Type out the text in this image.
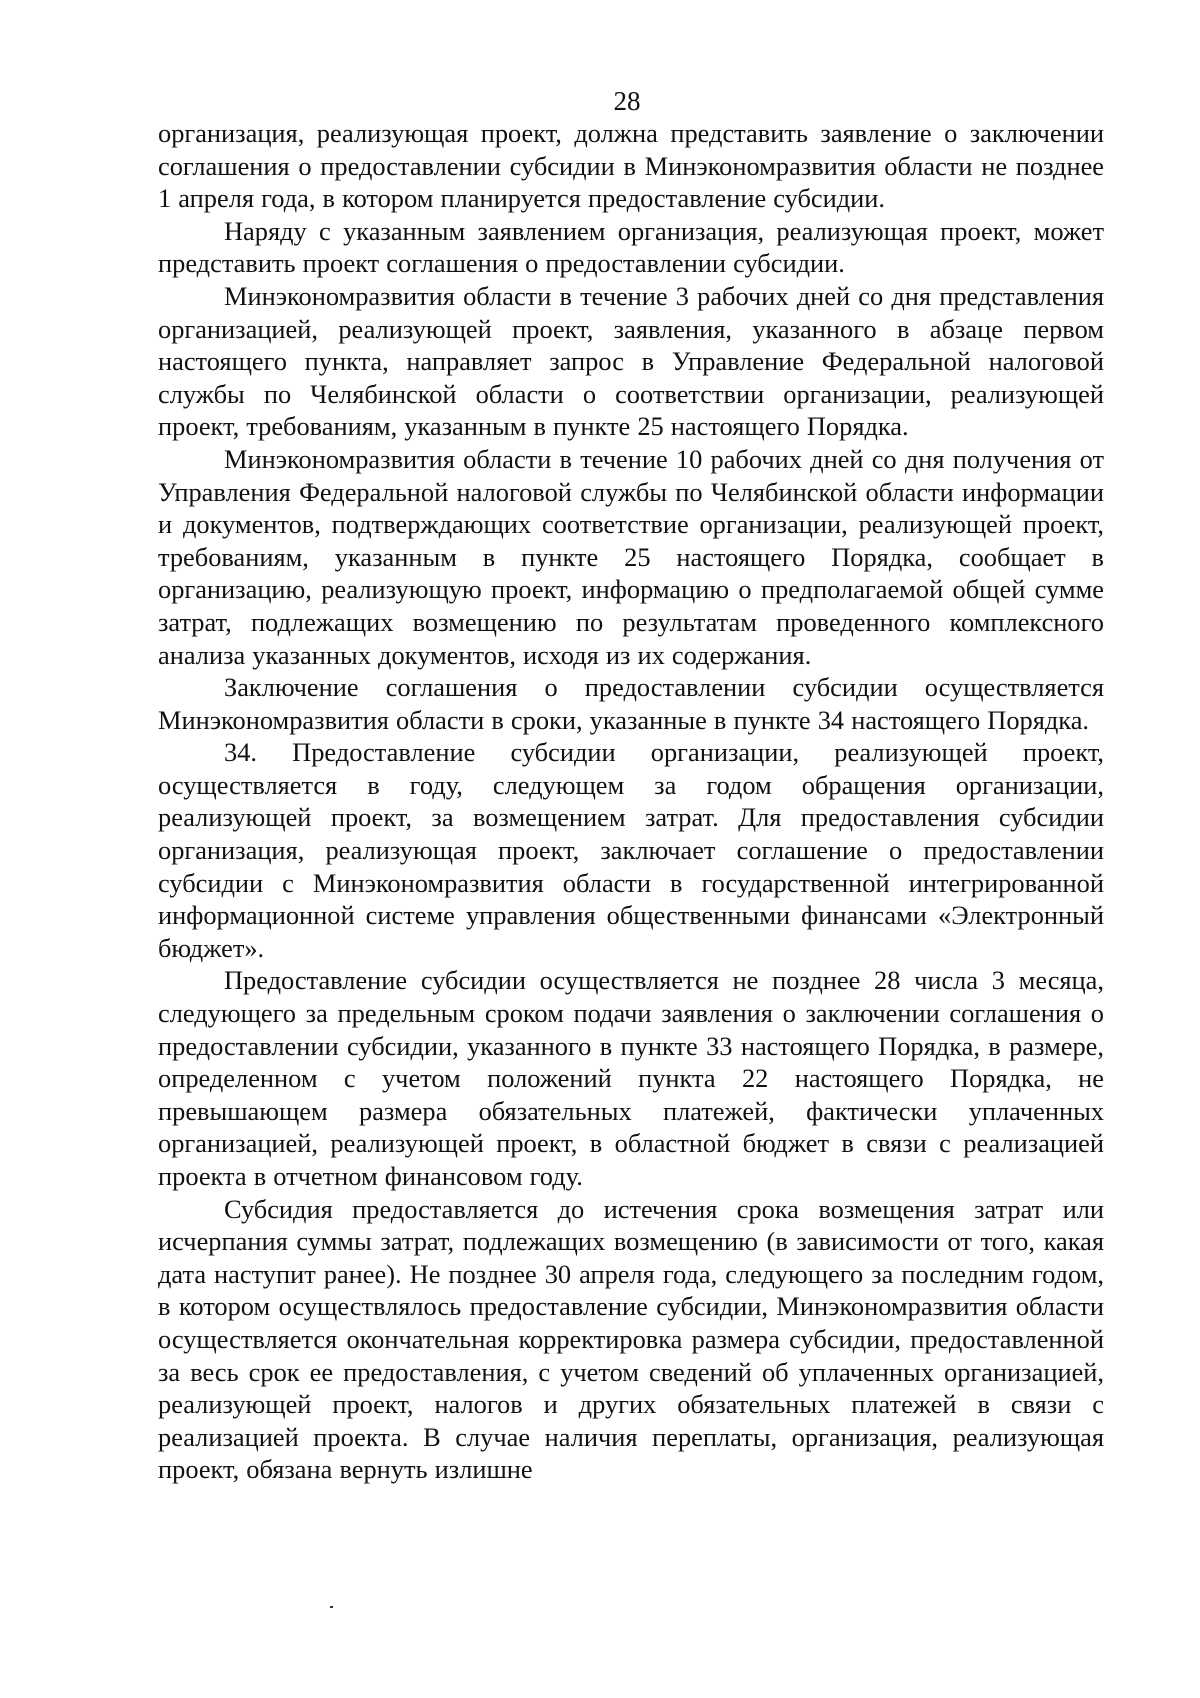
28

организация, реализующая проект, должна представить заявление о заключении соглашения о предоставлении субсидии в Минэкономразвития области не позднее 1 апреля года, в котором планируется предоставление субсидии.

Наряду с указанным заявлением организация, реализующая проект, может представить проект соглашения о предоставлении субсидии.

Минэкономразвития области в течение 3 рабочих дней со дня представления организацией, реализующей проект, заявления, указанного в абзаце первом настоящего пункта, направляет запрос в Управление Федеральной налоговой службы по Челябинской области о соответствии организации, реализующей проект, требованиям, указанным в пункте 25 настоящего Порядка.

Минэкономразвития области в течение 10 рабочих дней со дня получения от Управления Федеральной налоговой службы по Челябинской области информации и документов, подтверждающих соответствие организации, реализующей проект, требованиям, указанным в пункте 25 настоящего Порядка, сообщает в организацию, реализующую проект, информацию о предполагаемой общей сумме затрат, подлежащих возмещению по результатам проведенного комплексного анализа указанных документов, исходя из их содержания.

Заключение соглашения о предоставлении субсидии осуществляется Минэкономразвития области в сроки, указанные в пункте 34 настоящего Порядка.

34. Предоставление субсидии организации, реализующей проект, осуществляется в году, следующем за годом обращения организации, реализующей проект, за возмещением затрат. Для предоставления субсидии организация, реализующая проект, заключает соглашение о предоставлении субсидии с Минэкономразвития области в государственной интегрированной информационной системе управления общественными финансами «Электронный бюджет».

Предоставление субсидии осуществляется не позднее 28 числа 3 месяца, следующего за предельным сроком подачи заявления о заключении соглашения о предоставлении субсидии, указанного в пункте 33 настоящего Порядка, в размере, определенном с учетом положений пункта 22 настоящего Порядка, не превышающем размера обязательных платежей, фактически уплаченных организацией, реализующей проект, в областной бюджет в связи с реализацией проекта в отчетном финансовом году.

Субсидия предоставляется до истечения срока возмещения затрат или исчерпания суммы затрат, подлежащих возмещению (в зависимости от того, какая дата наступит ранее). Не позднее 30 апреля года, следующего за последним годом, в котором осуществлялось предоставление субсидии, Минэкономразвития области осуществляется окончательная корректировка размера субсидии, предоставленной за весь срок ее предоставления, с учетом сведений об уплаченных организацией, реализующей проект, налогов и других обязательных платежей в связи с реализацией проекта. В случае наличия переплаты, организация, реализующая проект, обязана вернуть излишне
